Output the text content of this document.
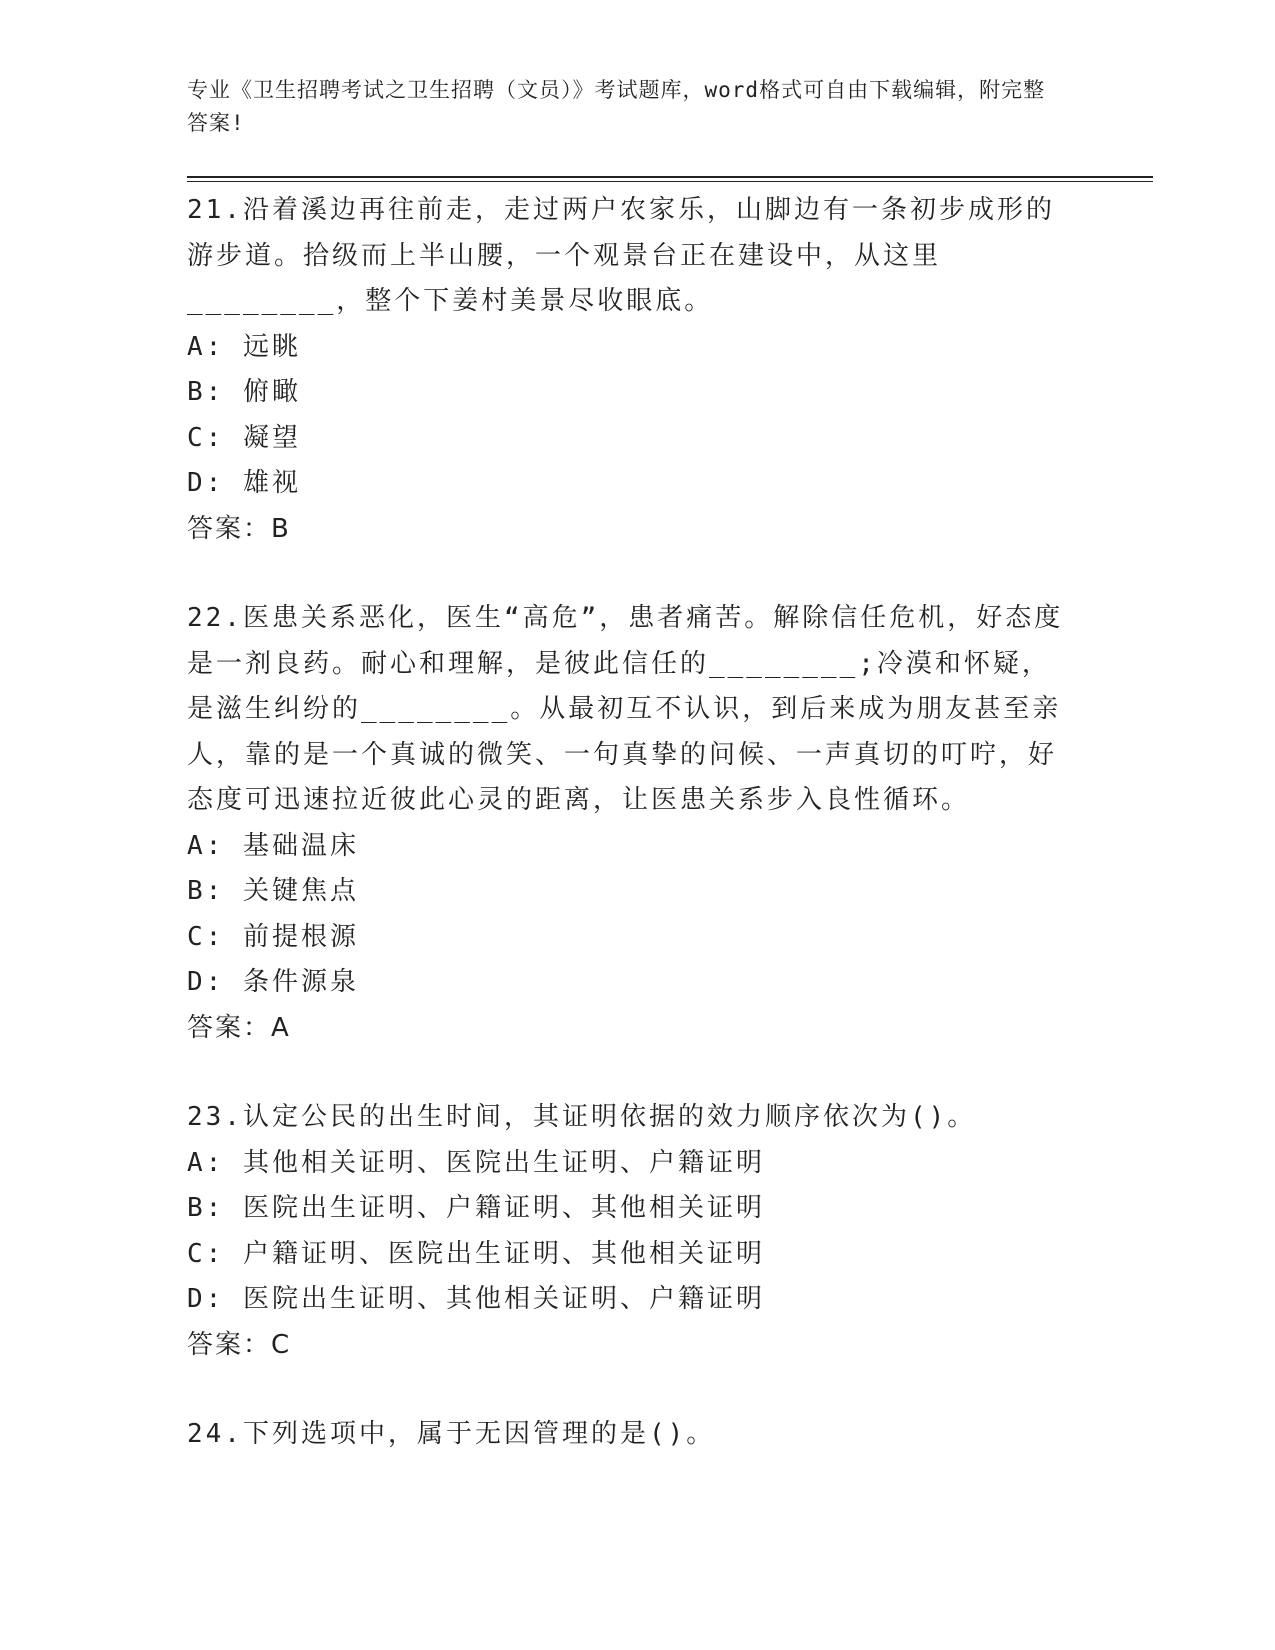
专业《卫生招聘考试之卫生招聘（文员）》考试题库，word格式可自由下载编辑，附完整答案!

21.沿着溪边再往前走，走过两户农家乐，山脚边有一条初步成形的游步道。拾级而上半山腰，一个观景台正在建设中，从这里________，整个下姜村美景尽收眼底。

A: 远眺

B: 俯瞰

C: 凝望

D: 雄视

答案：B

22.医患关系恶化，医生“高危”，患者痛苦。解除信任危机，好态度是一剂良药。耐心和理解，是彼此信任的________;冷漠和怀疑，是滋生纠纷的________。从最初互不认识，到后来成为朋友甚至亲人，靠的是一个真诚的微笑、一句真挚的问候、一声真切的叮咛，好态度可迅速拉近彼此心灵的距离，让医患关系步入良性循环。

A: 基础温床

B: 关键焦点

C: 前提根源

D: 条件源泉

答案：A

23.认定公民的出生时间，其证明依据的效力顺序依次为()。

A: 其他相关证明、医院出生证明、户籍证明

B: 医院出生证明、户籍证明、其他相关证明

C: 户籍证明、医院出生证明、其他相关证明

D: 医院出生证明、其他相关证明、户籍证明

答案：C

24.下列选项中，属于无因管理的是()。
